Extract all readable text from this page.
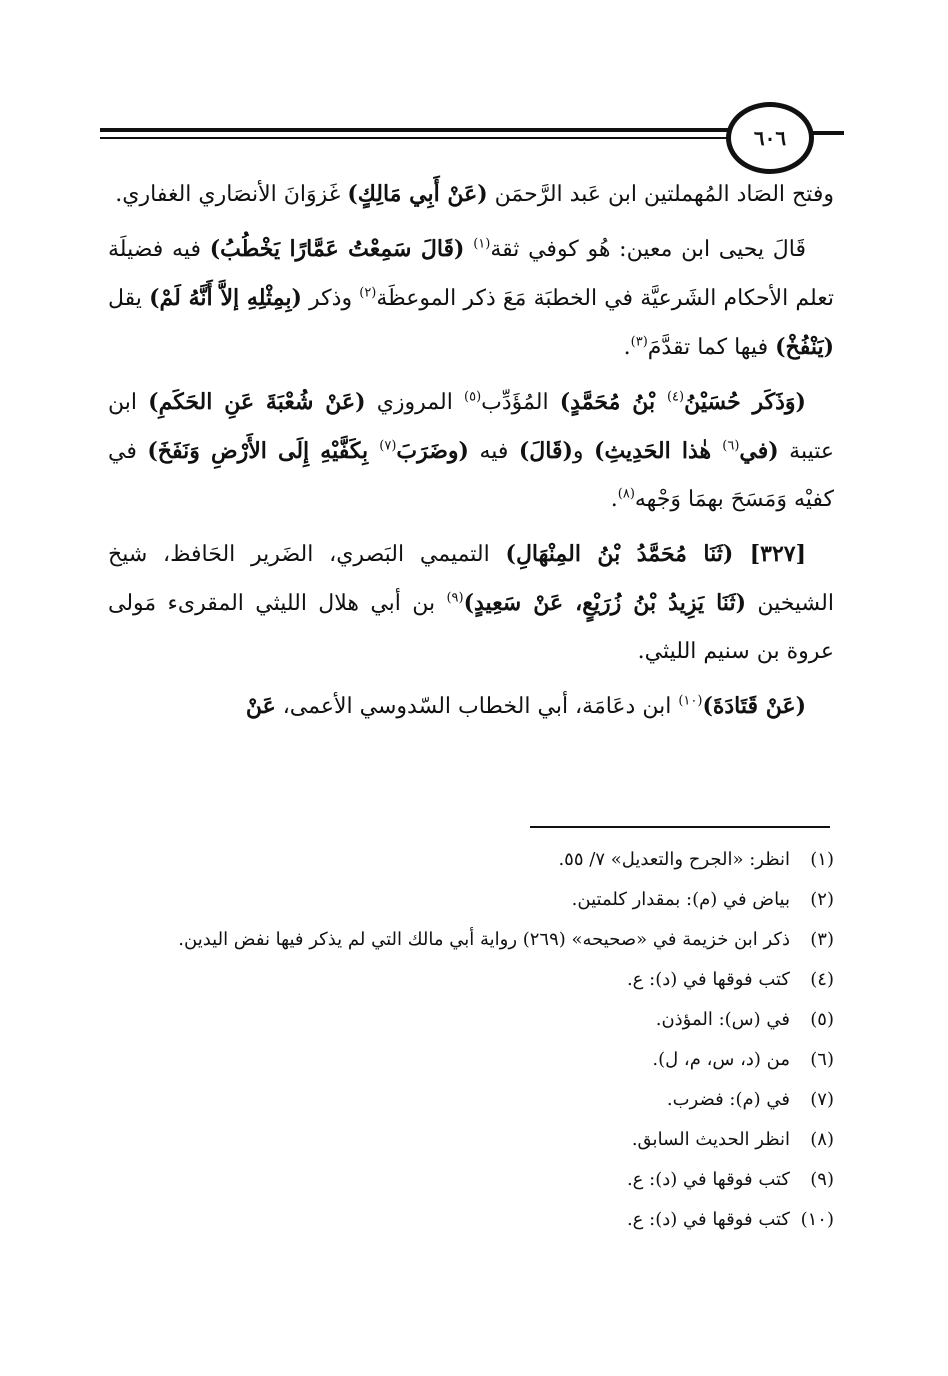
٦٠٦

وفتح الصَاد المُهملتين ابن عَبد الرَّحمَن (عَنْ أَبِي مَالِكٍ) غَزوَانَ الأنصَاري الغفاري.

قَالَ يحيى ابن معين: هُو كوفي ثقة$^{(١)}$ (قَالَ سَمِعْتُ عَمَّارًا يَخْطُبُ) فيه فضيلَة تعلم الأحكام الشَرعيَّة في الخطبَة مَعَ ذكر الموعظَة$^{(٢)}$ وذكر (بِمِثْلِهِ إلاَّ أَنَّهُ لَمْ) يقل (يَنْفُخْ) فيها كما تقدَّمَ$^{(٣)}$.

(وَذَكَر حُسَيْنُ$^{(٤)}$ بْنُ مُحَمَّدٍ) المُؤَدِّب$^{(٥)}$ المروزي (عَنْ شُعْبَةَ عَنِ الحَكَمِ) ابن عتيبة (في$^{(٦)}$ هٰذا الحَدِيثِ) و(قَالَ) فيه (وضَرَبَ$^{(٧)}$ بِكَفَّيْهِ إِلَى الأَرْضِ وَنَفَخَ) في كفيْه وَمَسَحَ بهمَا وَجْهه$^{(٨)}$.

[٣٢٧] (ثَنَا مُحَمَّدُ بْنُ المِنْهَالِ) التميمي البَصري، الضَرير الحَافظ، شيخ الشيخين (ثَنَا يَزِيدُ بْنُ زُرَيْعٍ، عَنْ سَعِيدٍ)$^{(٩)}$ بن أبي هلال الليثي المقرىء مَولى عروة بن سنيم الليثي.

(عَنْ قَتَادَةَ)$^{(١٠)}$ ابن دعَامَة، أبي الخطاب السّدوسي الأعمى، عَنْ

(١)
انظر: «الجرح والتعديل» ٧/ ٥٥.
(٢)
بياض في (م): بمقدار كلمتين.
(٣)
ذكر ابن خزيمة في «صحيحه» (٢٦٩) رواية أبي مالك التي لم يذكر فيها نفض اليدين.
(٤)
كتب فوقها في (د): ع.
(٥)
في (س): المؤذن.
(٦)
من (د، س، م، ل).
(٧)
في (م): فضرب.
(٨)
انظر الحديث السابق.
(٩)
كتب فوقها في (د): ع.
(١٠)
كتب فوقها في (د): ع.
